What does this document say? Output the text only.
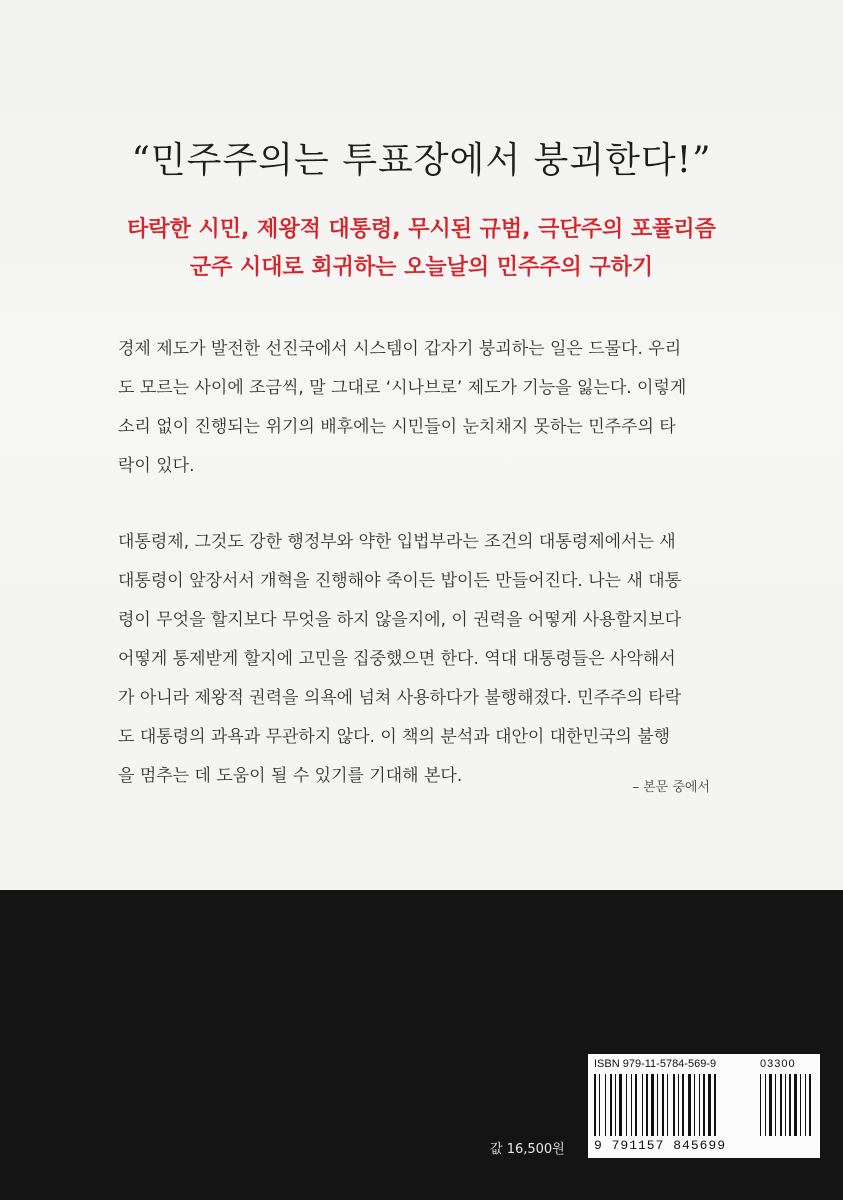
“민주주의는 투표장에서 붕괴한다!”
타락한 시민, 제왕적 대통령, 무시된 규범, 극단주의 포퓰리즘
군주 시대로 회귀하는 오늘날의 민주주의 구하기
경제 제도가 발전한 선진국에서 시스템이 갑자기 붕괴하는 일은 드물다. 우리
도 모르는 사이에 조금씩, 말 그대로 ‘시나브로’ 제도가 기능을 잃는다. 이렇게
소리 없이 진행되는 위기의 배후에는 시민들이 눈치채지 못하는 민주주의 타
락이 있다.
대통령제, 그것도 강한 행정부와 약한 입법부라는 조건의 대통령제에서는 새
대통령이 앞장서서 개혁을 진행해야 죽이든 밥이든 만들어진다. 나는 새 대통
령이 무엇을 할지보다 무엇을 하지 않을지에, 이 권력을 어떻게 사용할지보다
어떻게 통제받게 할지에 고민을 집중했으면 한다. 역대 대통령들은 사악해서
가 아니라 제왕적 권력을 의욕에 넘쳐 사용하다가 불행해졌다. 민주주의 타락
도 대통령의 과욕과 무관하지 않다. 이 책의 분석과 대안이 대한민국의 불행
을 멈추는 데 도움이 될 수 있기를 기대해 본다.
– 본문 중에서
값 16,500원
ISBN 979-11-5784-569-9	03300
9 791157 845699
